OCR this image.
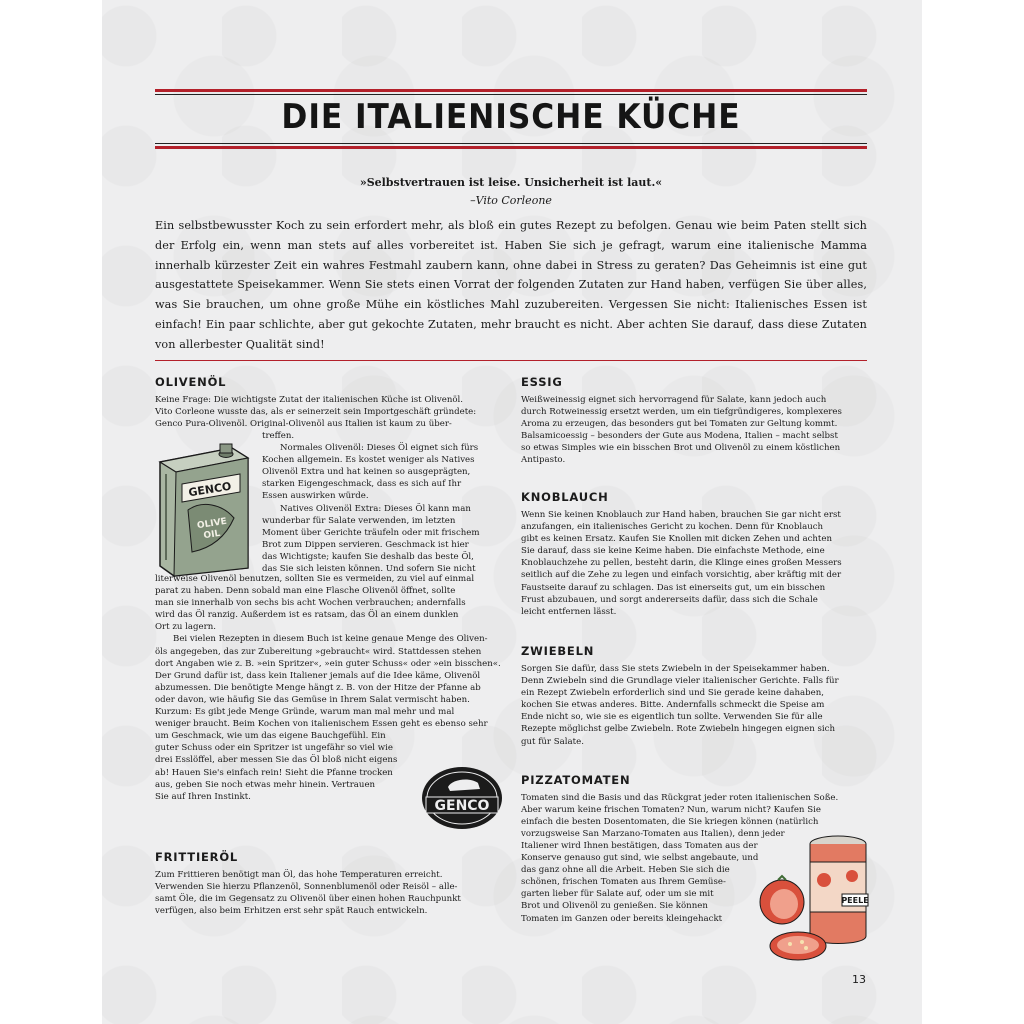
DIE ITALIENISCHE KÜCHE
»Selbstvertrauen ist leise. Unsicherheit ist laut.«
–Vito Corleone

Ein selbstbewusster Koch zu sein erfordert mehr, als bloß ein gutes Rezept zu befolgen. Genau wie beim Paten stellt sich der Erfolg ein, wenn man stets auf alles vorbereitet ist. Haben Sie sich je gefragt, warum eine italienische Mamma innerhalb kürzester Zeit ein wahres Festmahl zaubern kann, ohne dabei in Stress zu geraten? Das Geheimnis ist eine gut ausgestattete Speisekammer. Wenn Sie stets einen Vorrat der folgenden Zutaten zur Hand haben, verfügen Sie über alles, was Sie brauchen, um ohne große Mühe ein köstliches Mahl zuzubereiten. Vergessen Sie nicht: Italienisches Essen ist einfach! Ein paar schlichte, aber gut gekochte Zutaten, mehr braucht es nicht. Aber achten Sie darauf, dass diese Zutaten von allerbester Qualität sind!

OLIVENÖL

Keine Frage: Die wichtigste Zutat der italienischen Küche ist Olivenöl.

Vito Corleone wusste das, als er seinerzeit sein Importgeschäft gründete:

Genco Pura-Olivenöl. Original-Olivenöl aus Italien ist kaum zu über-

treffen.

Normales Olivenöl: Dieses Öl eignet sich fürs

Kochen allgemein. Es kostet weniger als Natives

Olivenöl Extra und hat keinen so ausgeprägten,

starken Eigengeschmack, dass es sich auf Ihr

Essen auswirken würde.

Natives Olivenöl Extra: Dieses Öl kann man

wunderbar für Salate verwenden, im letzten

Moment über Gerichte träufeln oder mit frischem

Brot zum Dippen servieren. Geschmack ist hier

das Wichtigste; kaufen Sie deshalb das beste Öl,

das Sie sich leisten können. Und sofern Sie nicht

literweise Olivenöl benutzen, sollten Sie es vermeiden, zu viel auf einmal

parat zu haben. Denn sobald man eine Flasche Olivenöl öffnet, sollte

man sie innerhalb von sechs bis acht Wochen verbrauchen; andernfalls

wird das Öl ranzig. Außerdem ist es ratsam, das Öl an einem dunklen

Ort zu lagern.

Bei vielen Rezepten in diesem Buch ist keine genaue Menge des Oliven-

öls angegeben, das zur Zubereitung »gebraucht« wird. Stattdessen stehen

dort Angaben wie z. B. »ein Spritzer«, »ein guter Schuss« oder »ein bisschen«.

Der Grund dafür ist, dass kein Italiener jemals auf die Idee käme, Olivenöl

abzumessen. Die benötigte Menge hängt z. B. von der Hitze der Pfanne ab

oder davon, wie häufig Sie das Gemüse in Ihrem Salat vermischt haben.

Kurzum: Es gibt jede Menge Gründe, warum man mal mehr und mal

weniger braucht. Beim Kochen von italienischem Essen geht es ebenso sehr

um Geschmack, wie um das eigene Bauchgefühl. Ein

guter Schuss oder ein Spritzer ist ungefähr so viel wie

drei Esslöffel, aber messen Sie das Öl bloß nicht eigens

ab! Hauen Sie's einfach rein! Sieht die Pfanne trocken

aus, geben Sie noch etwas mehr hinein. Vertrauen

Sie auf Ihren Instinkt.

GENCO
OLIVE
OIL
GENCO
FRITTIERÖL

Zum Frittieren benötigt man Öl, das hohe Temperaturen erreicht.

Verwenden Sie hierzu Pflanzenöl, Sonnenblumenöl oder Reisöl – alle-

samt Öle, die im Gegensatz zu Olivenöl über einen hohen Rauchpunkt

verfügen, also beim Erhitzen erst sehr spät Rauch entwickeln.

ESSIG

Weißweinessig eignet sich hervorragend für Salate, kann jedoch auch

durch Rotweinessig ersetzt werden, um ein tiefgründigeres, komplexeres

Aroma zu erzeugen, das besonders gut bei Tomaten zur Geltung kommt.

Balsamicoessig – besonders der Gute aus Modena, Italien – macht selbst

so etwas Simples wie ein bisschen Brot und Olivenöl zu einem köstlichen

Antipasto.

KNOBLAUCH

Wenn Sie keinen Knoblauch zur Hand haben, brauchen Sie gar nicht erst

anzufangen, ein italienisches Gericht zu kochen. Denn für Knoblauch

gibt es keinen Ersatz. Kaufen Sie Knollen mit dicken Zehen und achten

Sie darauf, dass sie keine Keime haben. Die einfachste Methode, eine

Knoblauchzehe zu pellen, besteht darin, die Klinge eines großen Messers

seitlich auf die Zehe zu legen und einfach vorsichtig, aber kräftig mit der

Faustseite darauf zu schlagen. Das ist einerseits gut, um ein bisschen

Frust abzubauen, und sorgt andererseits dafür, dass sich die Schale

leicht entfernen lässt.

ZWIEBELN

Sorgen Sie dafür, dass Sie stets Zwiebeln in der Speisekammer haben.

Denn Zwiebeln sind die Grundlage vieler italienischer Gerichte. Falls für

ein Rezept Zwiebeln erforderlich sind und Sie gerade keine dahaben,

kochen Sie etwas anderes. Bitte. Andernfalls schmeckt die Speise am

Ende nicht so, wie sie es eigentlich tun sollte. Verwenden Sie für alle

Rezepte möglichst gelbe Zwiebeln. Rote Zwiebeln hingegen eignen sich

gut für Salate.

PIZZATOMATEN

Tomaten sind die Basis und das Rückgrat jeder roten italienischen Soße.

Aber warum keine frischen Tomaten? Nun, warum nicht? Kaufen Sie

einfach die besten Dosentomaten, die Sie kriegen können (natürlich

vorzugsweise San Marzano-Tomaten aus Italien), denn jeder

Italiener wird Ihnen bestätigen, dass Tomaten aus der

Konserve genauso gut sind, wie selbst angebaute, und

das ganz ohne all die Arbeit. Heben Sie sich die

schönen, frischen Tomaten aus Ihrem Gemüse-

garten lieber für Salate auf, oder um sie mit

Brot und Olivenöl zu genießen. Sie können

Tomaten im Ganzen oder bereits kleingehackt

PEELE
13
